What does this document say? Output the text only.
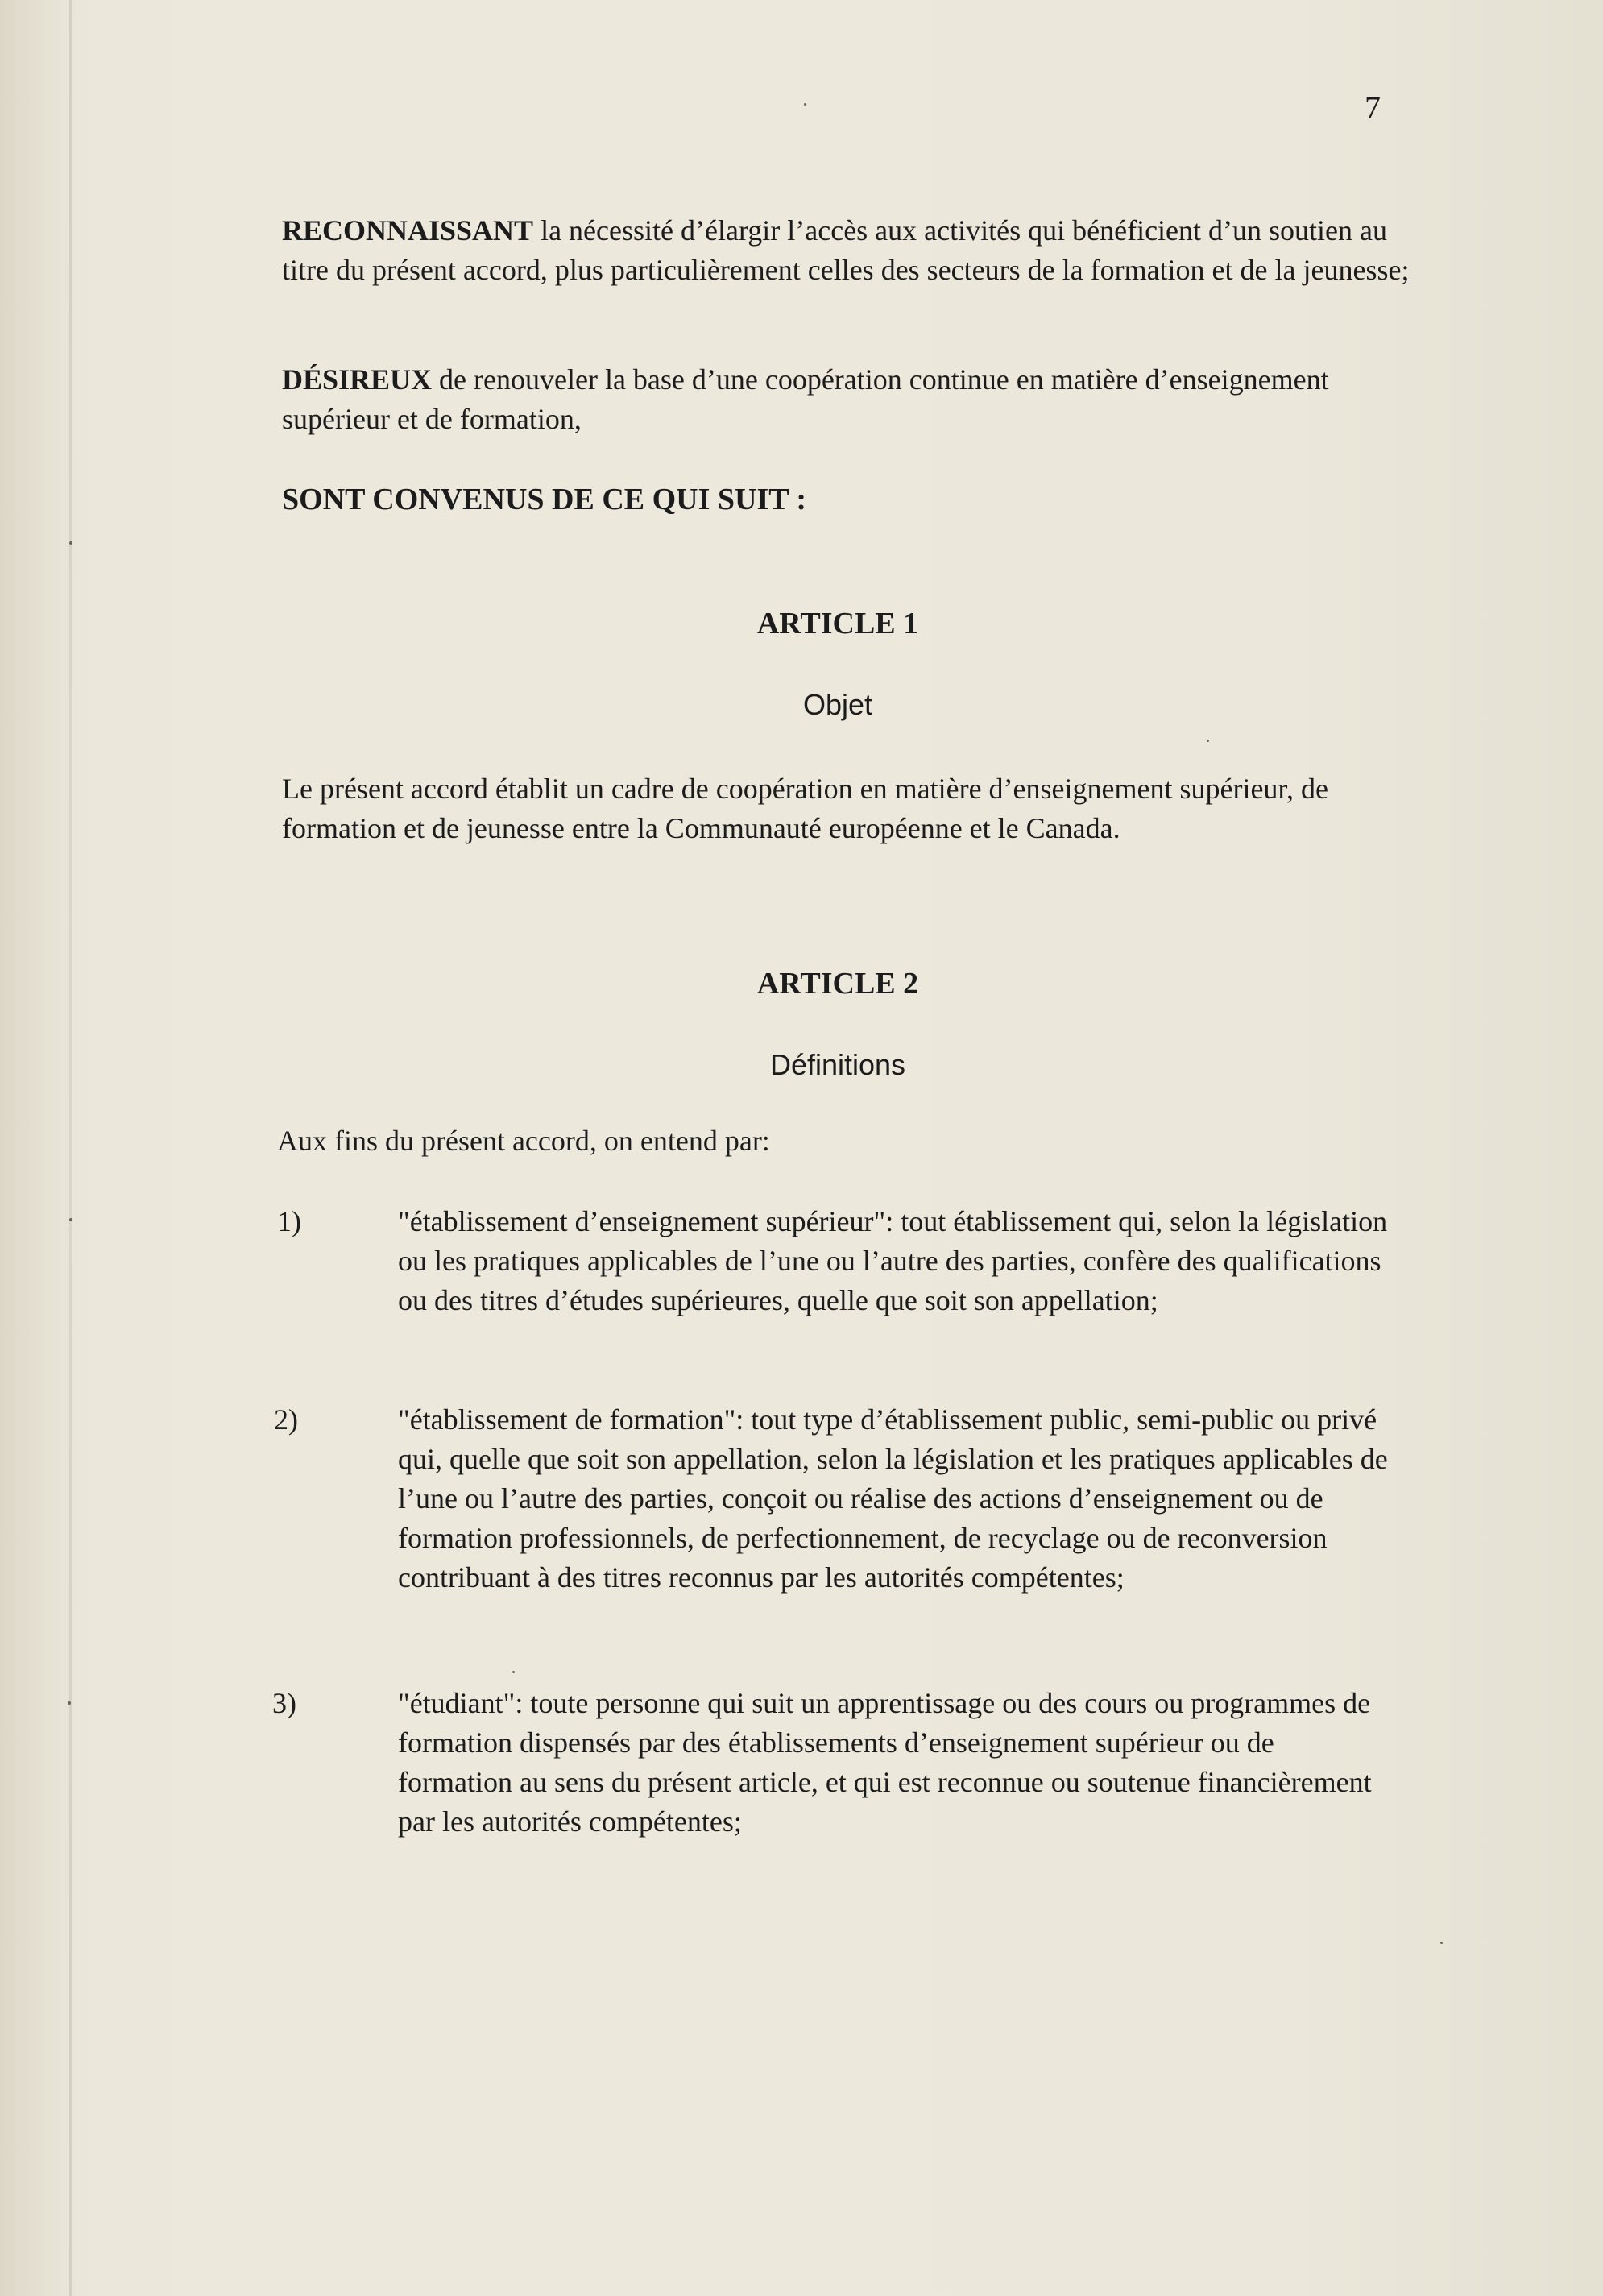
7
RECONNAISSANT la nécessité d’élargir l’accès aux activités qui bénéficient d’un soutien au titre du présent accord, plus particulièrement celles des secteurs de la formation et de la jeunesse;
DÉSIREUX de renouveler la base d’une coopération continue en matière d’enseignement supérieur et de formation,
SONT CONVENUS DE CE QUI SUIT :
ARTICLE 1
Objet
Le présent accord établit un cadre de coopération en matière d’enseignement supérieur, de formation et de jeunesse entre la Communauté européenne et le Canada.
ARTICLE 2
Définitions
Aux fins du présent accord, on entend par:
1)	"établissement d’enseignement supérieur": tout établissement qui, selon la législation ou les pratiques applicables de l’une ou l’autre des parties, confère des qualifications ou des titres d’études supérieures, quelle que soit son appellation;
2)	"établissement de formation": tout type d’établissement public, semi-public ou privé qui, quelle que soit son appellation, selon la législation et les pratiques applicables de l’une ou l’autre des parties, conçoit ou réalise des actions d’enseignement ou de formation professionnels, de perfectionnement, de recyclage ou de reconversion contribuant à des titres reconnus par les autorités compétentes;
3)	"étudiant": toute personne qui suit un apprentissage ou des cours ou programmes de formation dispensés par des établissements d’enseignement supérieur ou de formation au sens du présent article, et qui est reconnue ou soutenue financièrement par les autorités compétentes;
